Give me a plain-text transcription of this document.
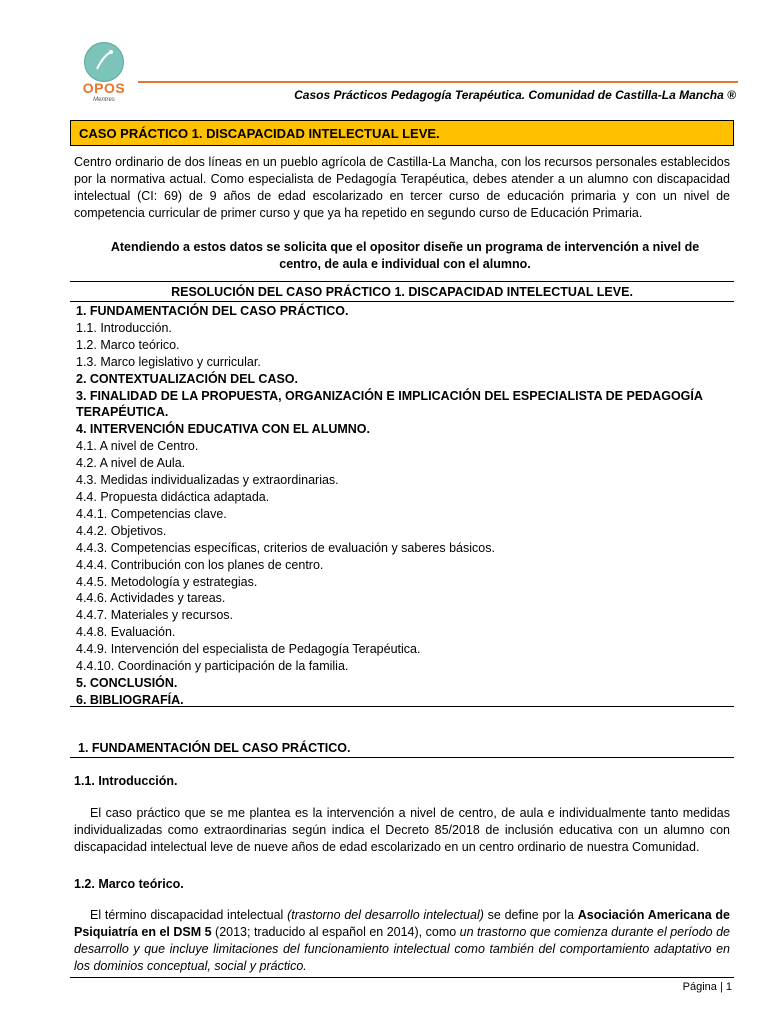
OPOS
Mentres	Casos Prácticos Pedagogía Terapéutica. Comunidad de Castilla-La Mancha ®
CASO PRÁCTICO 1. DISCAPACIDAD INTELECTUAL LEVE.
Centro ordinario de dos líneas en un pueblo agrícola de Castilla-La Mancha, con los recursos personales establecidos por la normativa actual. Como especialista de Pedagogía Terapéutica, debes atender a un alumno con discapacidad intelectual (CI: 69) de 9 años de edad escolarizado en tercer curso de educación primaria y con un nivel de competencia curricular de primer curso y que ya ha repetido en segundo curso de Educación Primaria.
Atendiendo a estos datos se solicita que el opositor diseñe un programa de intervención a nivel de centro, de aula e individual con el alumno.
RESOLUCIÓN DEL CASO PRÁCTICO 1. DISCAPACIDAD INTELECTUAL LEVE.
1. FUNDAMENTACIÓN DEL CASO PRÁCTICO.
1.1. Introducción.
1.2. Marco teórico.
1.3. Marco legislativo y curricular.
2. CONTEXTUALIZACIÓN DEL CASO.
3. FINALIDAD DE LA PROPUESTA, ORGANIZACIÓN E IMPLICACIÓN DEL ESPECIALISTA DE PEDAGOGÍA TERAPÉUTICA.
4. INTERVENCIÓN EDUCATIVA CON EL ALUMNO.
4.1. A nivel de Centro.
4.2. A nivel de Aula.
4.3. Medidas individualizadas y extraordinarias.
4.4. Propuesta didáctica adaptada.
4.4.1. Competencias clave.
4.4.2. Objetivos.
4.4.3. Competencias específicas, criterios de evaluación y saberes básicos.
4.4.4. Contribución con los planes de centro.
4.4.5. Metodología y estrategias.
4.4.6. Actividades y tareas.
4.4.7. Materiales y recursos.
4.4.8. Evaluación.
4.4.9. Intervención del especialista de Pedagogía Terapéutica.
4.4.10. Coordinación y participación de la familia.
5. CONCLUSIÓN.
6. BIBLIOGRAFÍA.
1. FUNDAMENTACIÓN DEL CASO PRÁCTICO.
1.1. Introducción.
El caso práctico que se me plantea es la intervención a nivel de centro, de aula e individualmente tanto medidas individualizadas como extraordinarias según indica el Decreto 85/2018 de inclusión educativa con un alumno con discapacidad intelectual leve de nueve años de edad escolarizado en un centro ordinario de nuestra Comunidad.
1.2. Marco teórico.
El término discapacidad intelectual (trastorno del desarrollo intelectual) se define por la Asociación Americana de Psiquiatría en el DSM 5 (2013; traducido al español en 2014), como un trastorno que comienza durante el período de desarrollo y que incluye limitaciones del funcionamiento intelectual como también del comportamiento adaptativo en los dominios conceptual, social y práctico.
Página | 1
